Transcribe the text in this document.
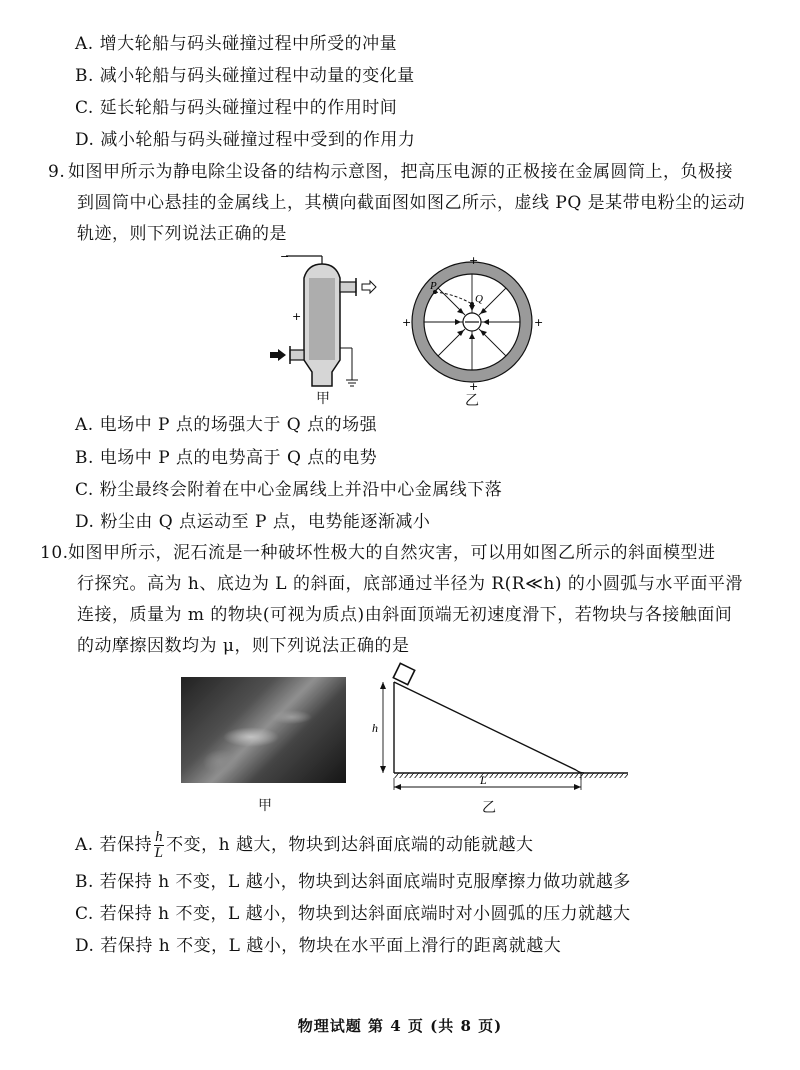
A. 增大轮船与码头碰撞过程中所受的冲量
B. 减小轮船与码头碰撞过程中动量的变化量
C. 延长轮船与码头碰撞过程中的作用时间
D. 减小轮船与码头碰撞过程中受到的作用力
9. 如图甲所示为静电除尘设备的结构示意图，把高压电源的正极接在金属圆筒上，负极接
到圆筒中心悬挂的金属线上，其横向截面图如图乙所示，虚线 PQ 是某带电粉尘的运动
轨迹，则下列说法正确的是
−
+
甲
P
Q
+
+	+
+
乙
A. 电场中 P 点的场强大于 Q 点的场强
B. 电场中 P 点的电势高于 Q 点的电势
C. 粉尘最终会附着在中心金属线上并沿中心金属线下落
D. 粉尘由 Q 点运动至 P 点，电势能逐渐减小
10. 如图甲所示，泥石流是一种破坏性极大的自然灾害，可以用如图乙所示的斜面模型进
行探究。高为 h、底边为 L 的斜面，底部通过半径为 R(R≪h) 的小圆弧与水平面平滑
连接，质量为 m 的物块(可视为质点)由斜面顶端无初速度滑下，若物块与各接触面间
的动摩擦因数均为 μ，则下列说法正确的是
甲
h
L
乙
A. 若保持 $\frac{h}{L}$ 不变，h 越大，物块到达斜面底端的动能就越大
B. 若保持 h 不变，L 越小，物块到达斜面底端时克服摩擦力做功就越多
C. 若保持 h 不变，L 越小，物块到达斜面底端时对小圆弧的压力就越大
D. 若保持 h 不变，L 越小，物块在水平面上滑行的距离就越大
物理试题 第 4 页 (共 8 页)
